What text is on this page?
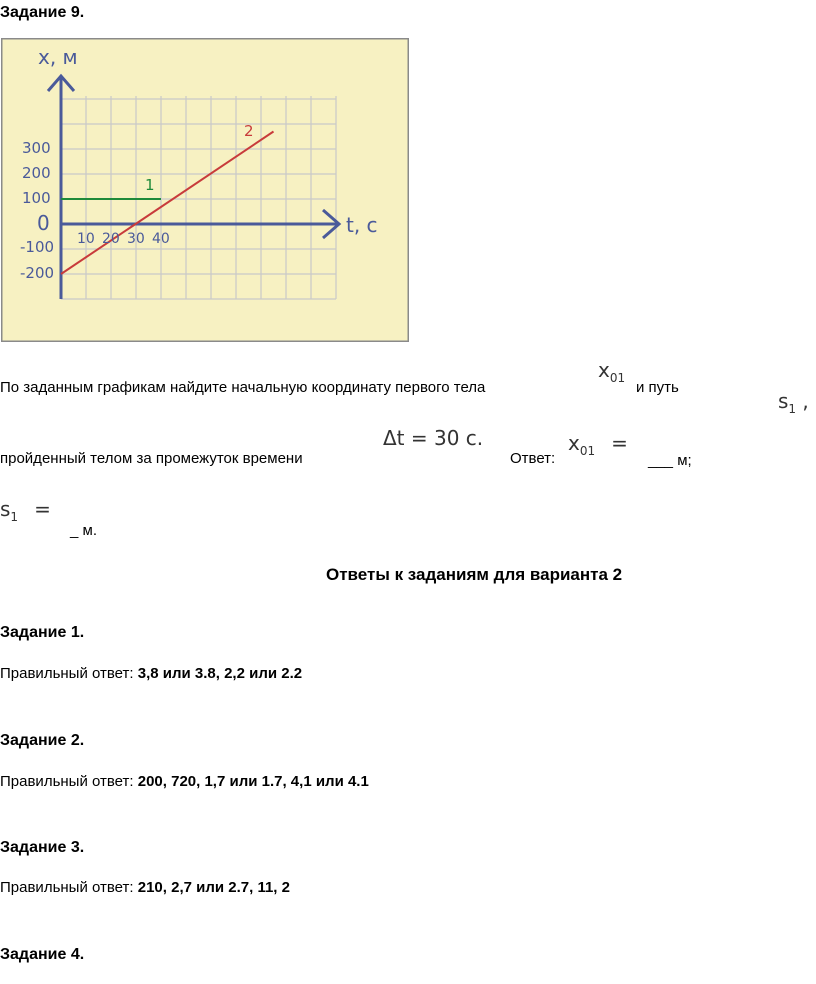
Задание 9.
х, м
t, с
0
300
200
100
-100
-200
10 20 30 40
1
2
По заданным графикам найдите начальную координату первого тела
$x_{01}$
и путь
$s_1$ ,
пройденный телом за промежуток времени
Δt = 30 с.
Ответ:
$x_{01}$ =
___ м;
$s_1$ =
_ м.
Ответы к заданиям для варианта 2
Задание 1.
Правильный ответ: 3,8 или 3.8, 2,2 или 2.2
Задание 2.
Правильный ответ: 200, 720, 1,7 или 1.7, 4,1 или 4.1
Задание 3.
Правильный ответ: 210, 2,7 или 2.7, 11, 2
Задание 4.
